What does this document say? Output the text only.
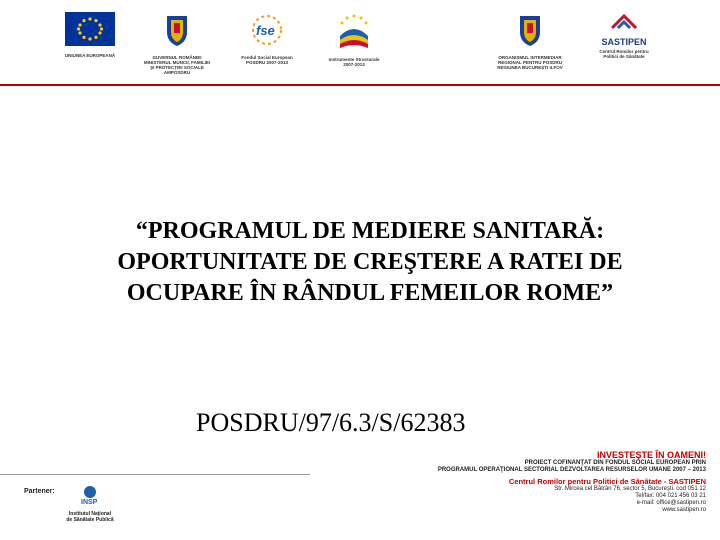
UNIUNEA EUROPEANĂ	GUVERNUL ROMÂNIEI
MINISTERUL MUNCII, FAMILIEI
ŞI PROTECŢIEI SOCIALE
AMPOSDRU
fse
Fondul Social European
POSDRU 2007-2013
Instrumente Structurale
2007-2013
ORGANISMUL INTERMEDIAR
REGIONAL PENTRU POSDRU
REGIUNEA BUCUREŞTI ILFOV
SASTIPEN
Centrul Romilor pentru
Politici de Sănătate
“PROGRAMUL DE MEDIERE SANITARĂ:
OPORTUNITATE DE CREŞTERE A RATEI DE
OCUPARE ÎN RÂNDUL FEMEILOR ROME”
POSDRU/97/6.3/S/62383
INVESTEŞTE ÎN OAMENI!
PROIECT COFINANŢAT DIN FONDUL SOCIAL EUROPEAN PRIN
PROGRAMUL OPERAŢIONAL SECTORIAL DEZVOLTAREA RESURSELOR UMANE 2007 – 2013
Centrul Romilor pentru Politici de Sănătate - SASTIPEN
Str. Mircea cel Bătrân 76, sector 5, Bucureşti, cod 051 12
Tel/fax: 004 021 456 03 21
e-mail: office@sastipen.ro
www.sastipen.ro
Partener:
INSP
Institutul Naţional
de Sănătate Publică
